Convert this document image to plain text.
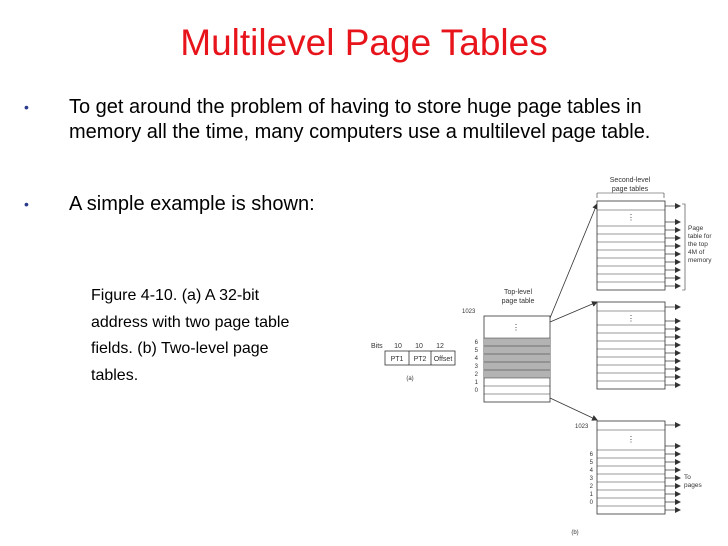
Multilevel Page Tables
• To get around the problem of having to store huge page tables in memory all the time, many computers use a multilevel page table.
• A simple example is shown:
Figure 4-10. (a) A 32-bit
address with two page table
fields. (b) Two-level page
tables.
Bits 10 10 12
PT1 PT2 Offset
(a)
Top-level
page table
Second-level
page tables
⋮
1023
6
5
4
3
2
1
0
⋮
Page
table for
the top
4M of
memory
⋮
1023
⋮
6
5
4
3
2
1
0
To
pages
(b)
